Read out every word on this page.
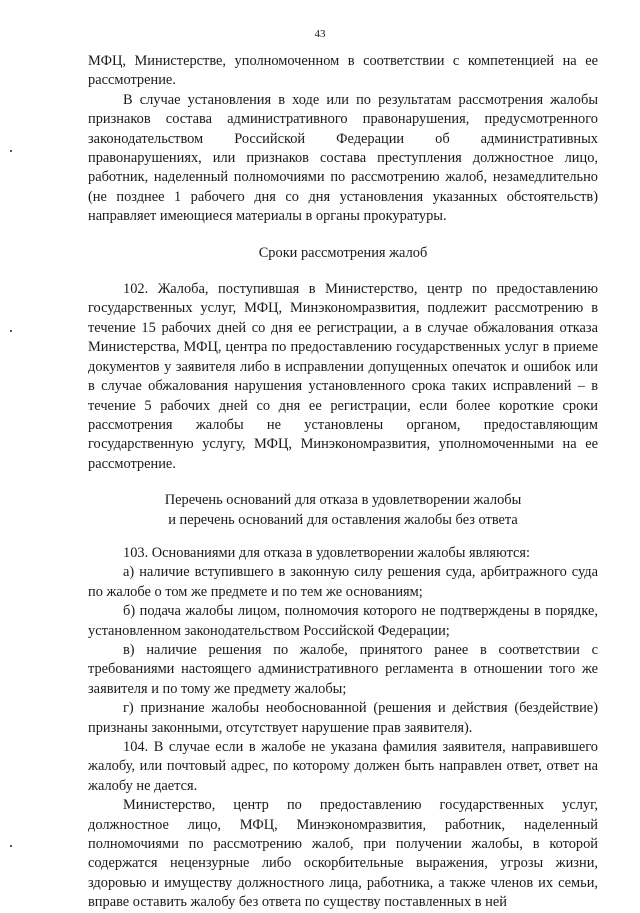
43

МФЦ, Министерстве, уполномоченном в соответствии с компетенцией на ее рассмотрение.

В случае установления в ходе или по результатам рассмотрения жалобы признаков состава административного правонарушения, предусмотренного законодательством Российской Федерации об административных правонарушениях, или признаков состава преступления должностное лицо, работник, наделенный полномочиями по рассмотрению жалоб, незамедлительно (не позднее 1 рабочего дня со дня установления указанных обстоятельств) направляет имеющиеся материалы в органы прокуратуры.

Сроки рассмотрения жалоб

102. Жалоба, поступившая в Министерство, центр по предоставлению государственных услуг, МФЦ, Минэкономразвития, подлежит рассмотрению в течение 15 рабочих дней со дня ее регистрации, а в случае обжалования отказа Министерства, МФЦ, центра по предоставлению государственных услуг в приеме документов у заявителя либо в исправлении допущенных опечаток и ошибок или в случае обжалования нарушения установленного срока таких исправлений – в течение 5 рабочих дней со дня ее регистрации, если более короткие сроки рассмотрения жалобы не установлены органом, предоставляющим государственную услугу, МФЦ, Минэкономразвития, уполномоченными на ее рассмотрение.

Перечень оснований для отказа в удовлетворении жалобы

и перечень оснований для оставления жалобы без ответа

103. Основаниями для отказа в удовлетворении жалобы являются:

а) наличие вступившего в законную силу решения суда, арбитражного суда по жалобе о том же предмете и по тем же основаниям;

б) подача жалобы лицом, полномочия которого не подтверждены в порядке, установленном законодательством Российской Федерации;

в) наличие решения по жалобе, принятого ранее в соответствии с требованиями настоящего административного регламента в отношении того же заявителя и по тому же предмету жалобы;

г) признание жалобы необоснованной (решения и действия (бездействие) признаны законными, отсутствует нарушение прав заявителя).

104. В случае если в жалобе не указана фамилия заявителя, направившего жалобу, или почтовый адрес, по которому должен быть направлен ответ, ответ на жалобу не дается.

Министерство, центр по предоставлению государственных услуг, должностное лицо, МФЦ, Минэкономразвития, работник, наделенный полномочиями по рассмотрению жалоб, при получении жалобы, в которой содержатся нецензурные либо оскорбительные выражения, угрозы жизни, здоровью и имуществу должностного лица, работника, а также членов их семьи, вправе оставить жалобу без ответа по существу поставленных в ней
